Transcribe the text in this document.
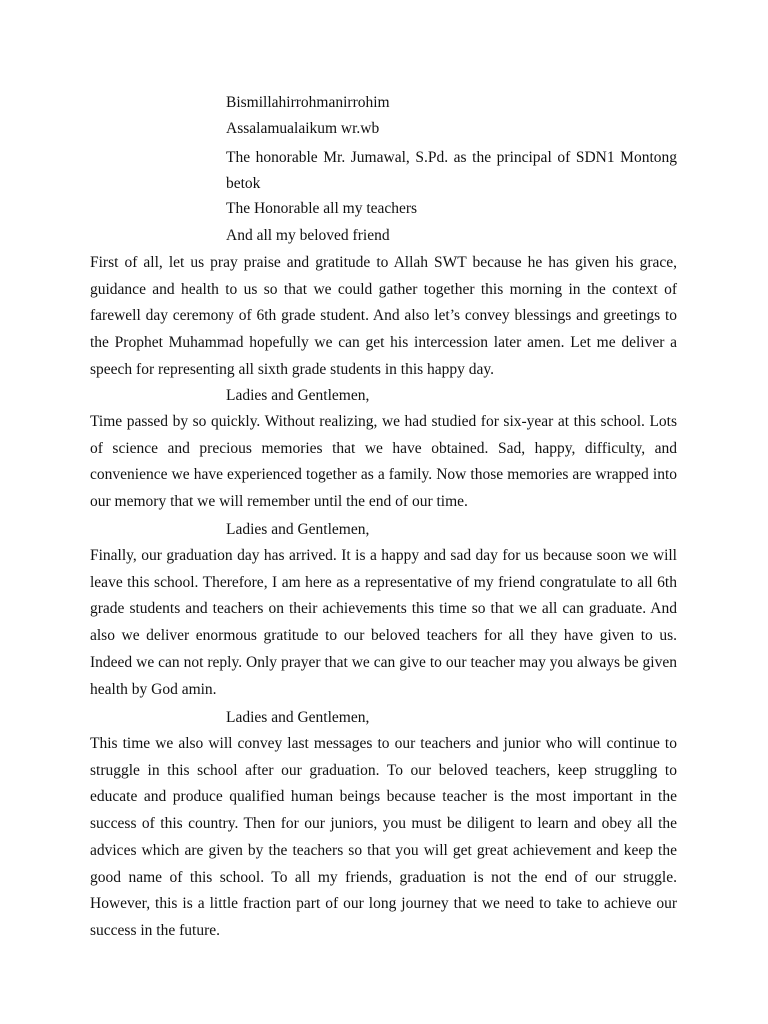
Bismillahirrohmanirrohim
Assalamualaikum wr.wb

The honorable Mr. Jumawal, S.Pd. as the principal of SDN1 Montong betok

The Honorable all my teachers
And all my beloved friend

First of all, let us pray praise and gratitude to Allah SWT because he has given his grace, guidance and health to us so that we could gather together this morning in the context of farewell day ceremony of 6th grade student. And also let’s convey blessings and greetings to the Prophet Muhammad hopefully we can get his intercession later amen. Let me deliver a speech for representing all sixth grade students in this happy day.

Ladies and Gentlemen,

Time passed by so quickly. Without realizing, we had studied for six-year at this school. Lots of science and precious memories that we have obtained. Sad, happy, difficulty, and convenience we have experienced together as a family. Now those memories are wrapped into our memory that we will remember until the end of our time.

Ladies and Gentlemen,

Finally, our graduation day has arrived. It is a happy and sad day for us because soon we will leave this school. Therefore, I am here as a representative of my friend congratulate to all 6th grade students and teachers on their achievements this time so that we all can graduate. And also we deliver enormous gratitude to our beloved teachers for all they have given to us. Indeed we can not reply. Only prayer that we can give to our teacher may you always be given health by God amin.

Ladies and Gentlemen,

This time we also will convey last messages to our teachers and junior who will continue to struggle in this school after our graduation. To our beloved teachers, keep struggling to educate and produce qualified human beings because teacher is the most important in the success of this country. Then for our juniors, you must be diligent to learn and obey all the advices which are given by the teachers so that you will get great achievement and keep the good name of this school. To all my friends, graduation is not the end of our struggle. However, this is a little fraction part of our long journey that we need to take to achieve our success in the future.
